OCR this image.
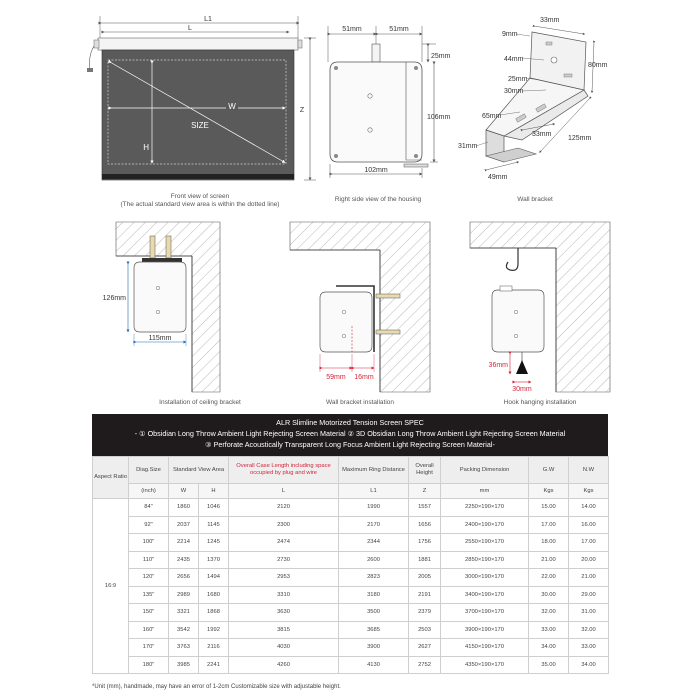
L1
L
W
H
SIZE
Z
Front view of screen
(The actual standard view area is within the dotted line)
51mm	51mm
25mm
106mm
102mm
Right side view of the housing
33mm
9mm
80mm
44mm
25mm
30mm
65mm
33mm
125mm
31mm
49mm
Wall bracket
126mm
115mm
Installation of ceiling bracket
59mm 16mm
Wall bracket installation
36mm
30mm
Hook hanging installation
ALR Slimline Motorized Tension Screen SPEC
- ① Obsidian Long Throw Ambient Light Rejecting Screen Material ② 3D Obsidian Long Throw Ambient Light Rejecting Screen Material
③ Perforate Acoustically Transparent Long Focus Ambient Light Rejecting Screen Material-
Aspect Ratio	Diag.Size	Standard View Area		Overall Case Length including space occupied by plug and wire	Maximum Ring Distance	Overall Height	Packing Dimension	G.W	N.W
	(inch)	W	H	L	L1	Z	mm	Kgs	Kgs
16:9	84"	1860	1046	2120	1990	1557	2250×190×170	15.00	14.00
	92"	2037	1145	2300	2170	1656	2400×190×170	17.00	16.00
	100"	2214	1245	2474	2344	1756	2550×190×170	18.00	17.00
	110"	2435	1370	2730	2600	1881	2850×190×170	21.00	20.00
	120"	2656	1494	2953	2823	2005	3000×190×170	22.00	21.00
	135"	2989	1680	3310	3180	2191	3400×190×170	30.00	29.00
	150"	3321	1868	3630	3500	2379	3700×190×170	32.00	31.00
	160"	3542	1992	3815	3685	2503	3900×190×170	33.00	32.00
	170"	3763	2116	4030	3900	2627	4150×190×170	34.00	33.00
	180"	3985	2241	4260	4130	2752	4350×190×170	35.00	34.00
*Unit (mm), handmade, may have an error of 1-2cm Customizable size with adjustable height.
